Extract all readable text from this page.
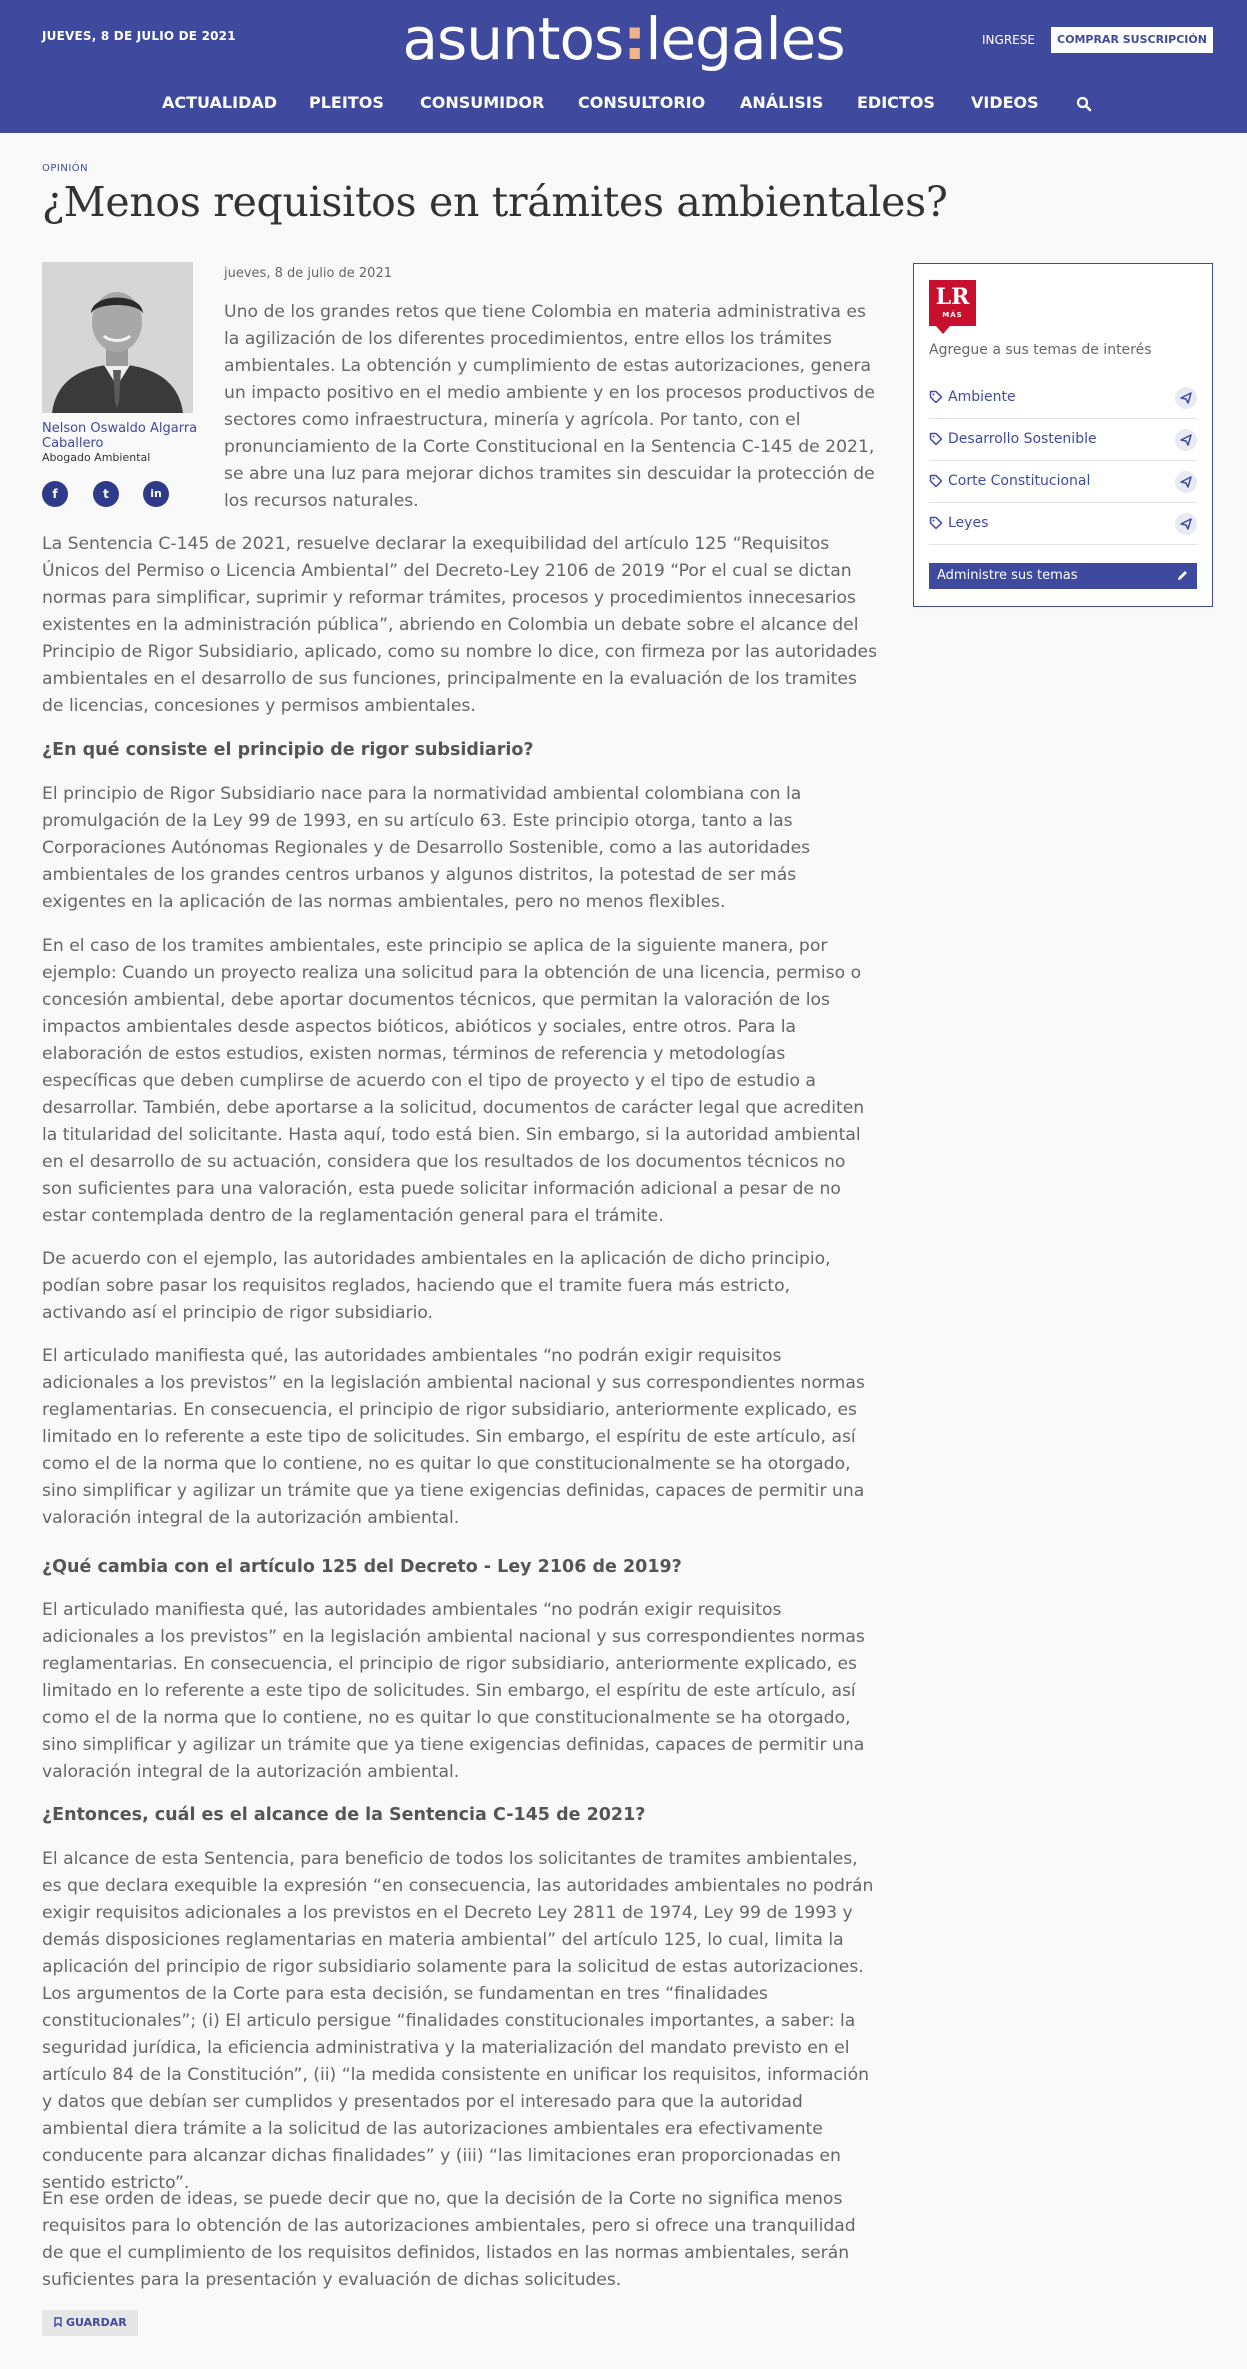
JUEVES, 8 DE JULIO DE 2021	asuntos:legales	INGRESE	COMPRAR SUSCRIPCIÓN
ACTUALIDAD PLEITOS CONSUMIDOR CONSULTORIO ANÁLISIS EDICTOS VIDEOS
OPINIÓN
¿Menos requisitos en trámites ambientales?
Nelson Oswaldo Algarra Caballero
Abogado Ambiental
f	t	in
jueves, 8 de julio de 2021

Uno de los grandes retos que tiene Colombia en materia administrativa es la agilización de los diferentes procedimientos, entre ellos los trámites ambientales. La obtención y cumplimiento de estas autorizaciones, genera un impacto positivo en el medio ambiente y en los procesos productivos de sectores como infraestructura, minería y agrícola. Por tanto, con el pronunciamiento de la Corte Constitucional en la Sentencia C-145 de 2021, se abre una luz para mejorar dichos tramites sin descuidar la protección de los recursos naturales.

La Sentencia C-145 de 2021, resuelve declarar la exequibilidad del artículo 125 “Requisitos Únicos del Permiso o Licencia Ambiental” del Decreto-Ley 2106 de 2019 “Por el cual se dictan normas para simplificar, suprimir y reformar trámites, procesos y procedimientos innecesarios existentes en la administración pública”, abriendo en Colombia un debate sobre el alcance del Principio de Rigor Subsidiario, aplicado, como su nombre lo dice, con firmeza por las autoridades ambientales en el desarrollo de sus funciones, principalmente en la evaluación de los tramites de licencias, concesiones y permisos ambientales.

¿En qué consiste el principio de rigor subsidiario?

El principio de Rigor Subsidiario nace para la normatividad ambiental colombiana con la promulgación de la Ley 99 de 1993, en su artículo 63. Este principio otorga, tanto a las Corporaciones Autónomas Regionales y de Desarrollo Sostenible, como a las autoridades ambientales de los grandes centros urbanos y algunos distritos, la potestad de ser más exigentes en la aplicación de las normas ambientales, pero no menos flexibles.

En el caso de los tramites ambientales, este principio se aplica de la siguiente manera, por ejemplo: Cuando un proyecto realiza una solicitud para la obtención de una licencia, permiso o concesión ambiental, debe aportar documentos técnicos, que permitan la valoración de los impactos ambientales desde aspectos bióticos, abióticos y sociales, entre otros. Para la elaboración de estos estudios, existen normas, términos de referencia y metodologías específicas que deben cumplirse de acuerdo con el tipo de proyecto y el tipo de estudio a desarrollar. También, debe aportarse a la solicitud, documentos de carácter legal que acrediten la titularidad del solicitante. Hasta aquí, todo está bien. Sin embargo, si la autoridad ambiental en el desarrollo de su actuación, considera que los resultados de los documentos técnicos no son suficientes para una valoración, esta puede solicitar información adicional a pesar de no estar contemplada dentro de la reglamentación general para el trámite.

De acuerdo con el ejemplo, las autoridades ambientales en la aplicación de dicho principio, podían sobre pasar los requisitos reglados, haciendo que el tramite fuera más estricto, activando así el principio de rigor subsidiario.

El articulado manifiesta qué, las autoridades ambientales “no podrán exigir requisitos adicionales a los previstos” en la legislación ambiental nacional y sus correspondientes normas reglamentarias. En consecuencia, el principio de rigor subsidiario, anteriormente explicado, es limitado en lo referente a este tipo de solicitudes. Sin embargo, el espíritu de este artículo, así como el de la norma que lo contiene, no es quitar lo que constitucionalmente se ha otorgado, sino simplificar y agilizar un trámite que ya tiene exigencias definidas, capaces de permitir una valoración integral de la autorización ambiental.

¿Qué cambia con el artículo 125 del Decreto - Ley 2106 de 2019?

El articulado manifiesta qué, las autoridades ambientales “no podrán exigir requisitos adicionales a los previstos” en la legislación ambiental nacional y sus correspondientes normas reglamentarias. En consecuencia, el principio de rigor subsidiario, anteriormente explicado, es limitado en lo referente a este tipo de solicitudes. Sin embargo, el espíritu de este artículo, así como el de la norma que lo contiene, no es quitar lo que constitucionalmente se ha otorgado, sino simplificar y agilizar un trámite que ya tiene exigencias definidas, capaces de permitir una valoración integral de la autorización ambiental.

¿Entonces, cuál es el alcance de la Sentencia C-145 de 2021?

El alcance de esta Sentencia, para beneficio de todos los solicitantes de tramites ambientales, es que declara exequible la expresión “en consecuencia, las autoridades ambientales no podrán exigir requisitos adicionales a los previstos en el Decreto Ley 2811 de 1974, Ley 99 de 1993 y demás disposiciones reglamentarias en materia ambiental” del artículo 125, lo cual, limita la aplicación del principio de rigor subsidiario solamente para la solicitud de estas autorizaciones. Los argumentos de la Corte para esta decisión, se fundamentan en tres “finalidades constitucionales”; (i) El articulo persigue “finalidades constitucionales importantes, a saber: la seguridad jurídica, la eficiencia administrativa y la materialización del mandato previsto en el artículo 84 de la Constitución”, (ii) “la medida consistente en unificar los requisitos, información y datos que debían ser cumplidos y presentados por el interesado para que la autoridad ambiental diera trámite a la solicitud de las autorizaciones ambientales era efectivamente conducente para alcanzar dichas finalidades” y (iii) “las limitaciones eran proporcionadas en sentido estricto”.

En ese orden de ideas, se puede decir que no, que la decisión de la Corte no significa menos requisitos para lo obtención de las autorizaciones ambientales, pero si ofrece una tranquilidad de que el cumplimiento de los requisitos definidos, listados en las normas ambientales, serán suficientes para la presentación y evaluación de dichas solicitudes.

GUARDAR
LR
MÁS
Agregue a sus temas de interés
Ambiente
Desarrollo Sostenible
Corte Constitucional
Leyes
Administre sus temas
